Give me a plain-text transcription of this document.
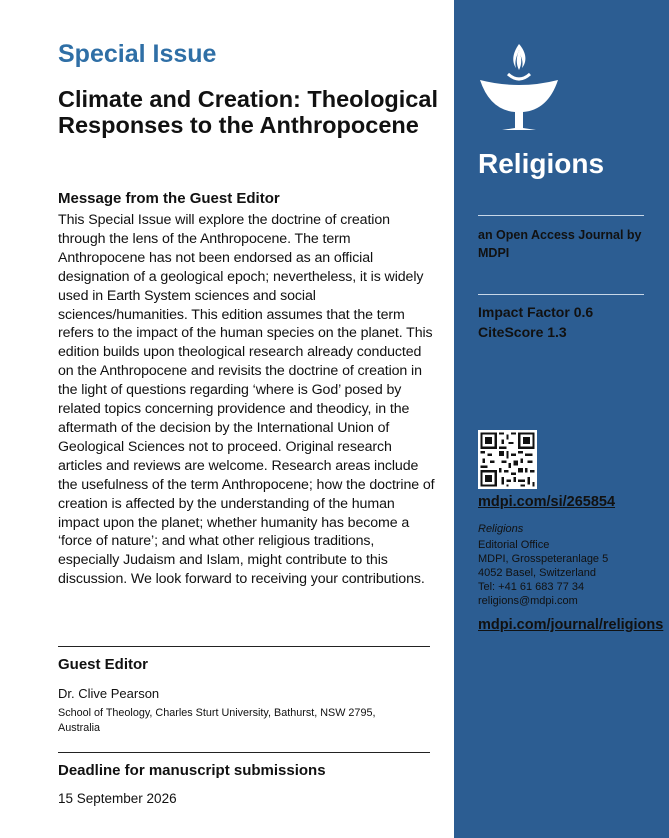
Special Issue
Climate and Creation: Theological Responses to the Anthropocene
Message from the Guest Editor
This Special Issue will explore the doctrine of creation through the lens of the Anthropocene. The term Anthropocene has not been endorsed as an official designation of a geological epoch; nevertheless, it is widely used in Earth System sciences and social sciences/humanities. This edition assumes that the term refers to the impact of the human species on the planet. This edition builds upon theological research already conducted on the Anthropocene and revisits the doctrine of creation in the light of questions regarding ‘where is God’ posed by related topics concerning providence and theodicy, in the aftermath of the decision by the International Union of Geological Sciences not to proceed. Original research articles and reviews are welcome. Research areas include the usefulness of the term Anthropocene; how the doctrine of creation is affected by the understanding of the human impact upon the planet; whether humanity has become a ‘force of nature’; and what other religious traditions, especially Judaism and Islam, might contribute to this discussion. We look forward to receiving your contributions.
Guest Editor
Dr. Clive Pearson
School of Theology, Charles Sturt University, Bathurst, NSW 2795, Australia
Deadline for manuscript submissions
15 September 2026
Religions
an Open Access Journal by MDPI
Impact Factor 0.6
CiteScore 1.3
mdpi.com/si/265854
Religions
Editorial Office
MDPI, Grosspeteranlage 5
4052 Basel, Switzerland
Tel: +41 61 683 77 34
religions@mdpi.com
mdpi.com/journal/religions
